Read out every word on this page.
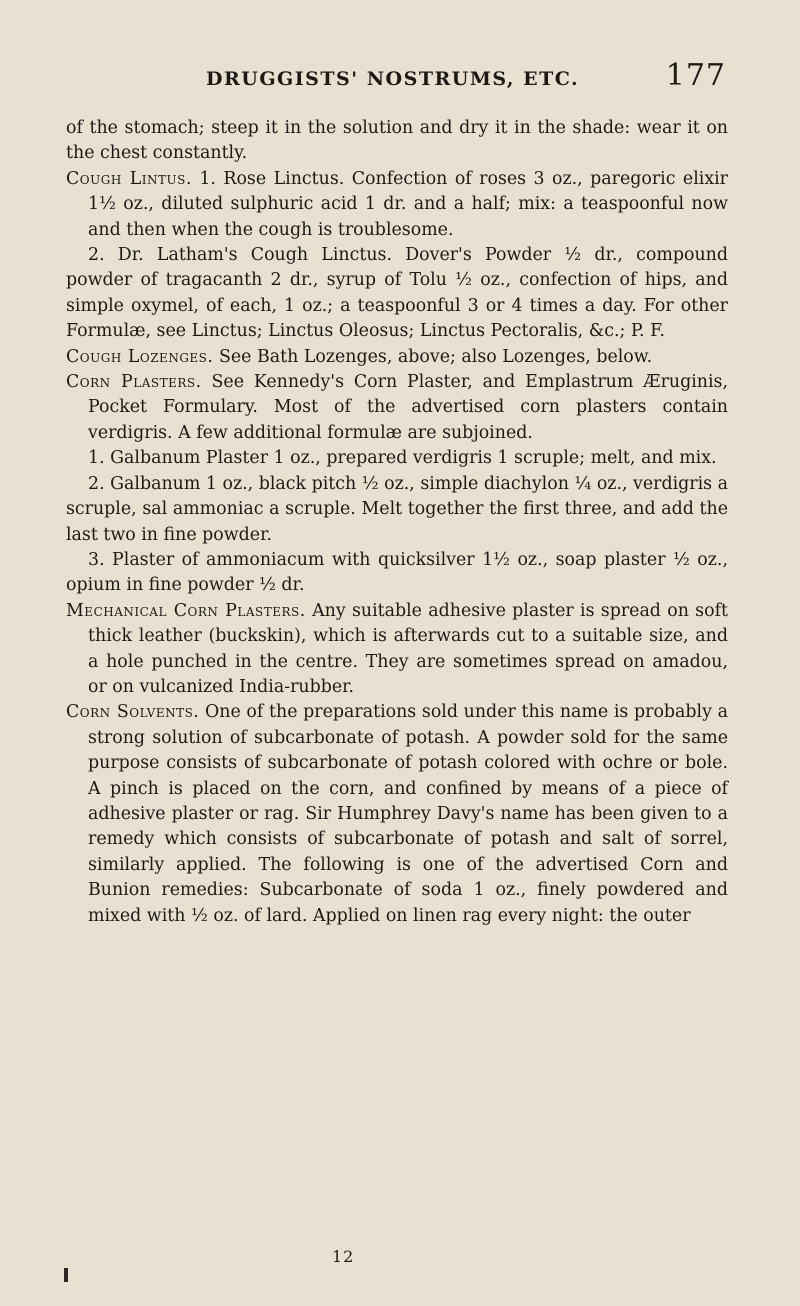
DRUGGISTS' NOSTRUMS, ETC.	177

of the stomach; steep it in the solution and dry it in the shade: wear it on the chest constantly.

Cough Lintus. 1. Rose Linctus. Confection of roses 3 oz., paregoric elixir 1½ oz., diluted sulphuric acid 1 dr. and a half; mix: a teaspoonful now and then when the cough is troublesome.

2. Dr. Latham's Cough Linctus. Dover's Powder ½ dr., compound powder of tragacanth 2 dr., syrup of Tolu ½ oz., confection of hips, and simple oxymel, of each, 1 oz.; a teaspoonful 3 or 4 times a day. For other Formulæ, see Linctus; Linctus Oleosus; Linctus Pectoralis, &c.; P. F.

Cough Lozenges. See Bath Lozenges, above; also Lozenges, below.

Corn Plasters. See Kennedy's Corn Plaster, and Emplastrum Æruginis, Pocket Formulary. Most of the advertised corn plasters contain verdigris. A few additional formulæ are subjoined.

1. Galbanum Plaster 1 oz., prepared verdigris 1 scruple; melt, and mix.

2. Galbanum 1 oz., black pitch ½ oz., simple diachylon ¼ oz., verdigris a scruple, sal ammoniac a scruple. Melt together the first three, and add the last two in fine powder.

3. Plaster of ammoniacum with quicksilver 1½ oz., soap plaster ½ oz., opium in fine powder ½ dr.

Mechanical Corn Plasters. Any suitable adhesive plaster is spread on soft thick leather (buckskin), which is afterwards cut to a suitable size, and a hole punched in the centre. They are sometimes spread on amadou, or on vulcanized India-rubber.

Corn Solvents. One of the preparations sold under this name is probably a strong solution of subcarbonate of potash. A powder sold for the same purpose consists of subcarbonate of potash colored with ochre or bole. A pinch is placed on the corn, and confined by means of a piece of adhesive plaster or rag. Sir Humphrey Davy's name has been given to a remedy which consists of subcarbonate of potash and salt of sorrel, similarly applied. The following is one of the advertised Corn and Bunion remedies: Subcarbonate of soda 1 oz., finely powdered and mixed with ½ oz. of lard. Applied on linen rag every night: the outer

12
